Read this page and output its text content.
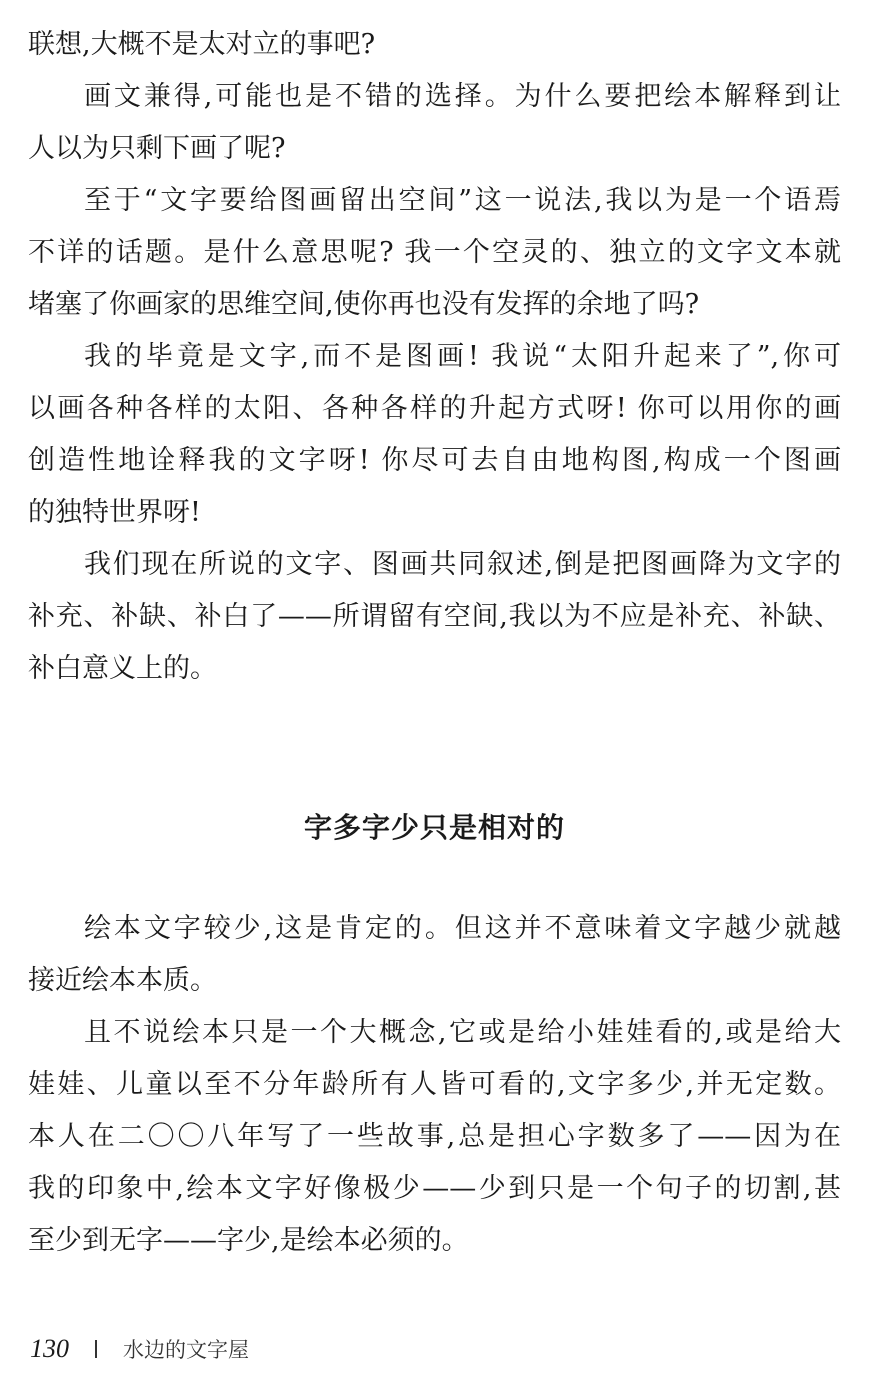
联想,大概不是太对立的事吧?
画文兼得,可能也是不错的选择。为什么要把绘本解释到让
人以为只剩下画了呢?
至于“文字要给图画留出空间”这一说法,我以为是一个语焉
不详的话题。是什么意思呢? 我一个空灵的、独立的文字文本就
堵塞了你画家的思维空间,使你再也没有发挥的余地了吗?
我的毕竟是文字,而不是图画! 我说“太阳升起来了”,你可
以画各种各样的太阳、各种各样的升起方式呀! 你可以用你的画
创造性地诠释我的文字呀! 你尽可去自由地构图,构成一个图画
的独特世界呀!
我们现在所说的文字、图画共同叙述,倒是把图画降为文字的
补充、补缺、补白了——所谓留有空间,我以为不应是补充、补缺、
补白意义上的。
字多字少只是相对的
绘本文字较少,这是肯定的。但这并不意味着文字越少就越
接近绘本本质。
且不说绘本只是一个大概念,它或是给小娃娃看的,或是给大
娃娃、儿童以至不分年龄所有人皆可看的,文字多少,并无定数。
本人在二〇〇八年写了一些故事,总是担心字数多了——因为在
我的印象中,绘本文字好像极少——少到只是一个句子的切割,甚
至少到无字——字少,是绘本必须的。
130	水边的文字屋
